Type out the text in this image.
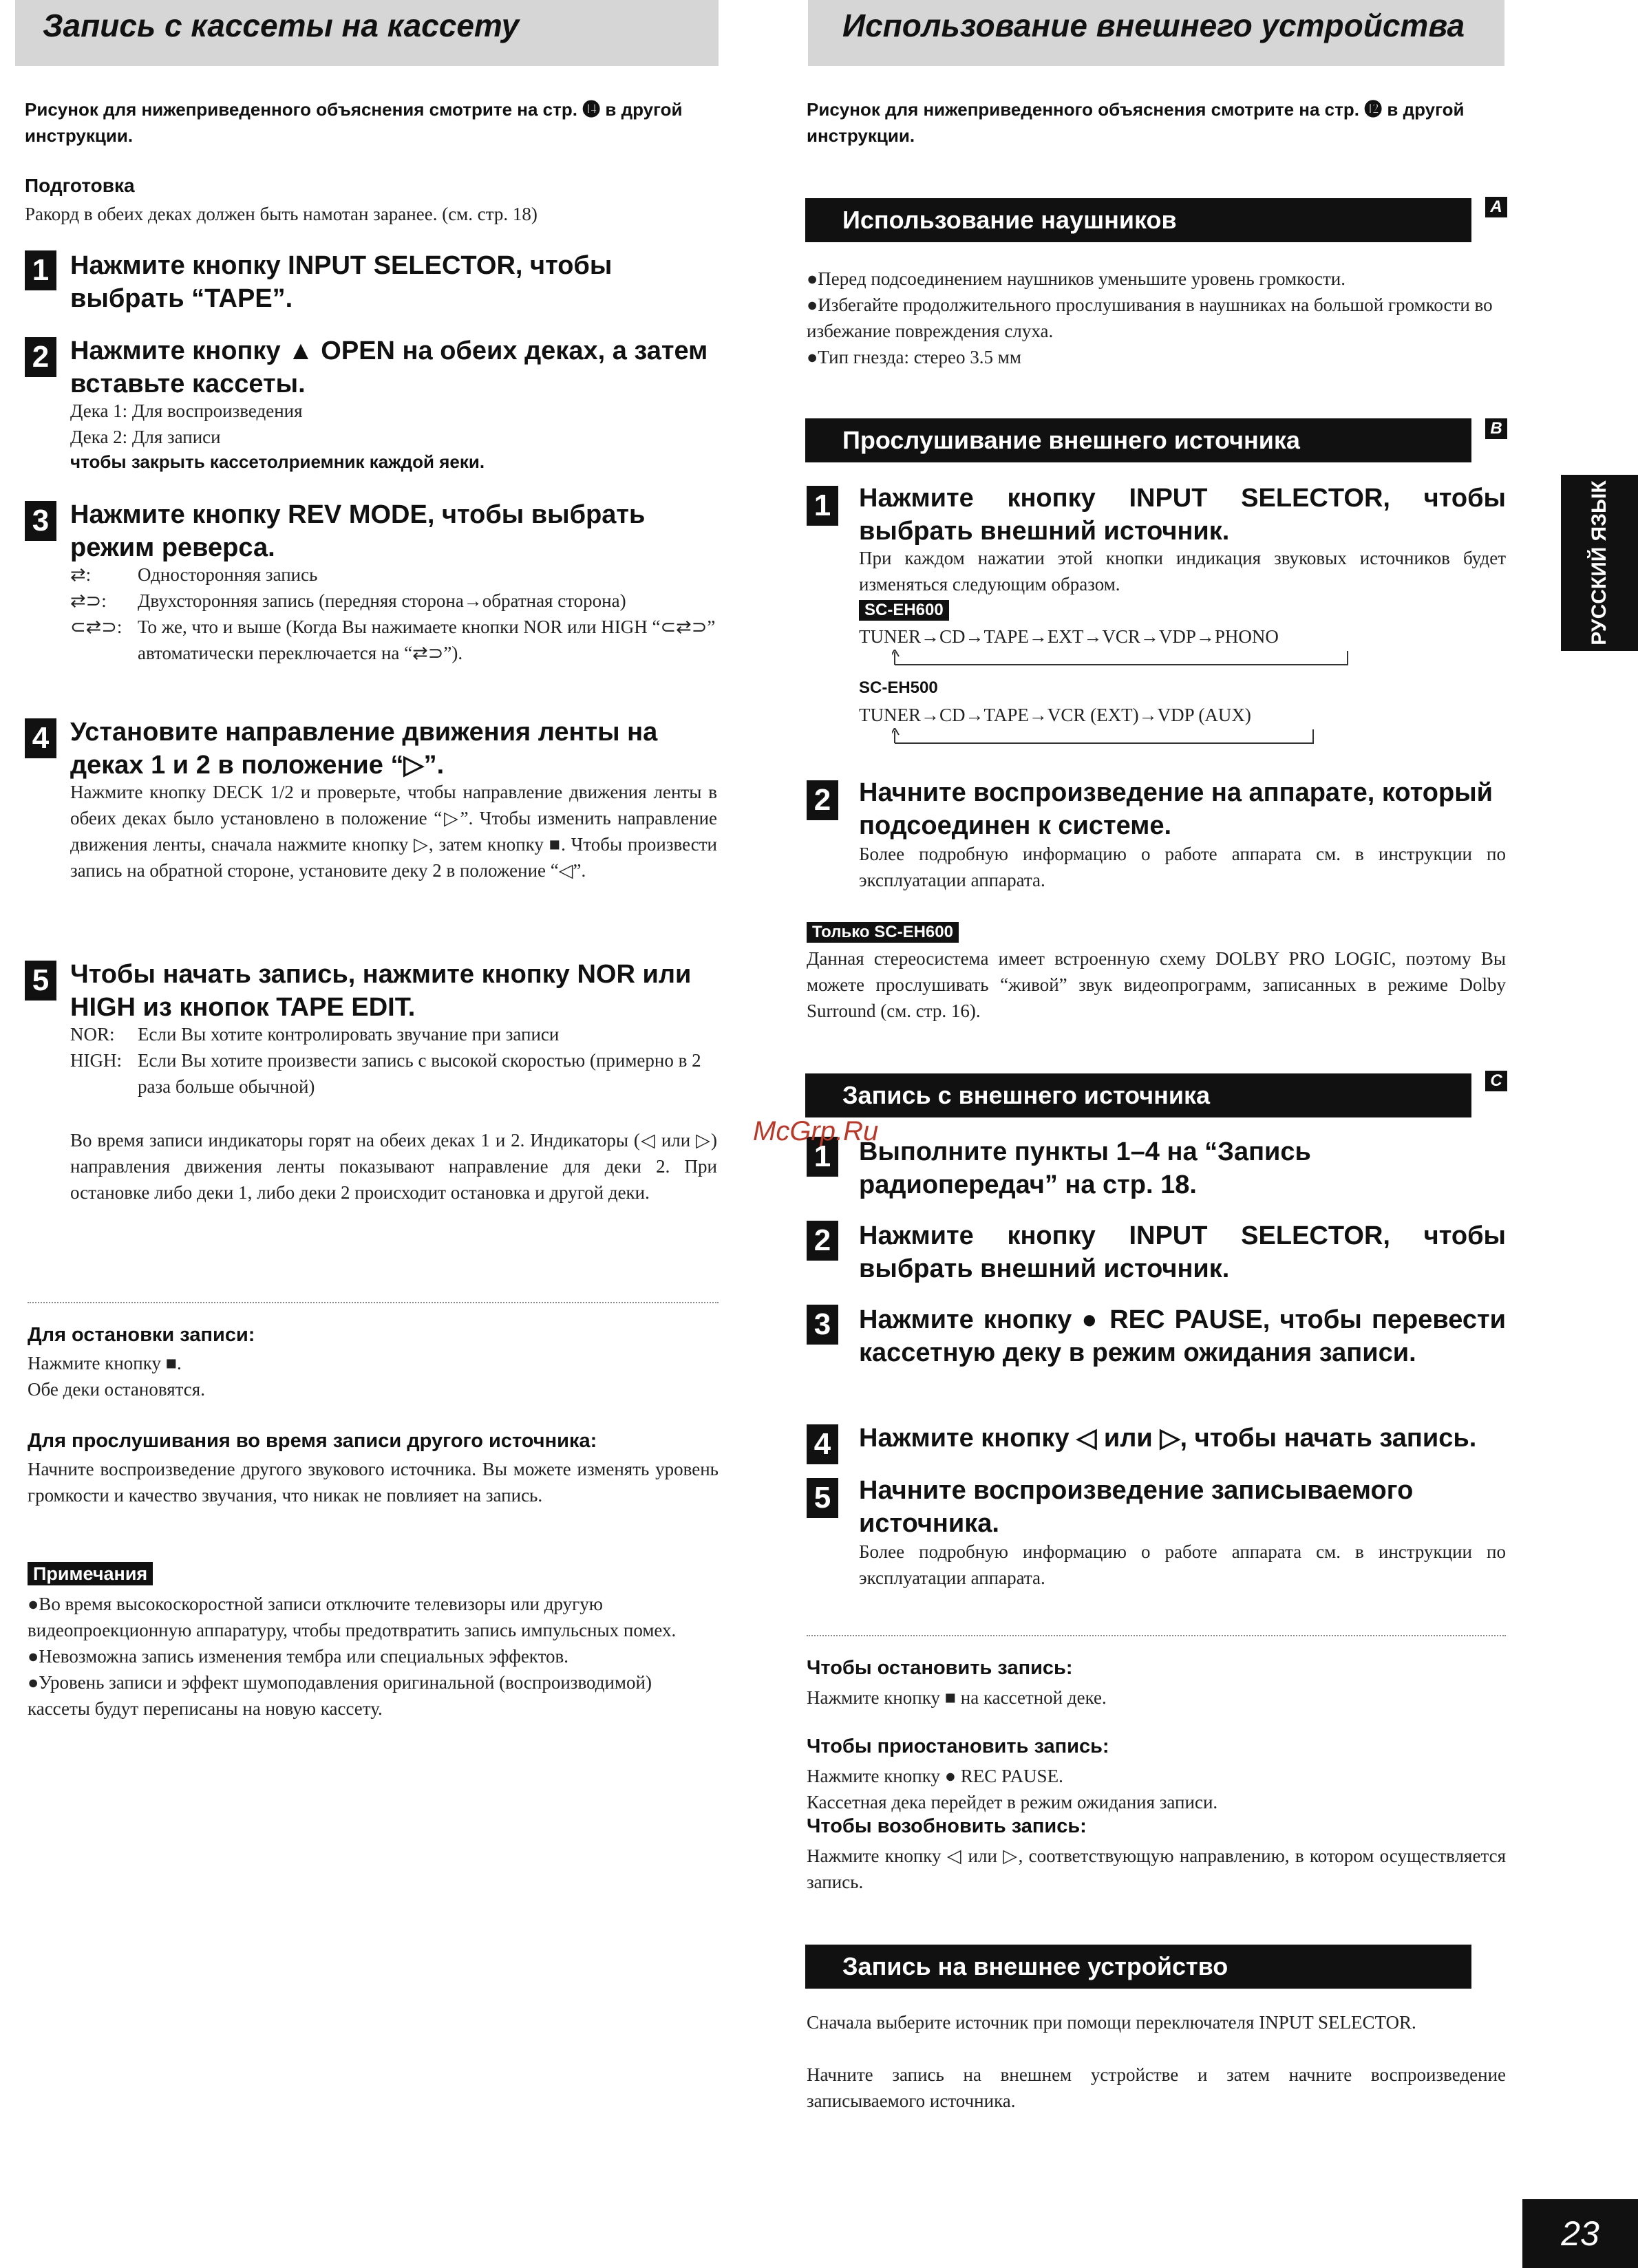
Запись с кассеты на кассету
Рисунок для нижеприведенного объяснения смотрите на стр. ⓮ в другой инструкции.
Подготовка
Ракорд в обеих деках должен быть намотан заранее. (см. стр. 18)
1 Нажмите кнопку INPUT SELECTOR, чтобы выбрать “TAPE”.
2 Нажмите кнопку ▲ OPEN на обеих деках, а затем вставьте кассеты.
Дека 1: Для воспроизведения
Дека 2: Для записи
чтобы закрыть кассетолриемник каждой яеки.
3 Нажмите кнопку REV MODE, чтобы выбрать режим реверса.
⇄:	Односторонняя запись
⇄⊃:	Двухсторонняя запись (передняя сторона→обратная сторона)
⊂⇄⊃: То же, что и выше (Когда Вы нажимаете кнопки NOR или HIGH “⊂⇄⊃” автоматически переключается на “⇄⊃”).
4 Установите направление движения ленты на деках 1 и 2 в положение “▷”.
Нажмите кнопку DECK 1/2 и проверьте, чтобы направление движения ленты в обеих деках было установлено в положение “▷”. Чтобы изменить направление движения ленты, сначала нажмите кнопку ▷, затем кнопку ■. Чтобы произвести запись на обратной стороне, установите деку 2 в положение “◁”.
5 Чтобы начать запись, нажмите кнопку NOR или HIGH из кнопок TAPE EDIT.
NOR:	Если Вы хотите контролировать звучание при записи
HIGH: Если Вы хотите произвести запись с высокой скоростью (примерно в 2 раза больше обычной)
Во время записи индикаторы горят на обеих деках 1 и 2. Индикаторы (◁ или ▷) направления движения ленты показывают направление для деки 2. При остановке либо деки 1, либо деки 2 происходит остановка и другой деки.
Для остановки записи:
Нажмите кнопку ■.
Обе деки остановятся.
Для прослушивания во время записи другого источника:
Начните воспроизведение другого звукового источника. Вы можете изменять уровень громкости и качество звучания, что никак не повлияет на запись.
Примечания
●Во время высокоскоростной записи отключите телевизоры или другую видеопроекционную аппаратуру, чтобы предотвратить запись импульсных помех.
●Невозможна запись изменения тембра или специальных эффектов.
●Уровень записи и эффект шумоподавления оригинальной (воспроизводимой) кассеты будут переписаны на новую кассету.
Использование внешнего устройства
Рисунок для нижеприведенного объяснения смотрите на стр. ⓬ в другой инструкции.
Использование наушников	A
●Перед подсоединением наушников уменьшите уровень громкости.
●Избегайте продолжительного прослушивания в наушниках на большой громкости во избежание повреждения слуха.
●Тип гнезда: стерео 3.5 мм
Прослушивание внешнего источника	B
1 Нажмите кнопку INPUT SELECTOR, чтобы выбрать внешний источник.
При каждом нажатии этой кнопки индикация звуковых источников будет изменяться следующим образом.
SC-EH600
TUNER→CD→TAPE→EXT→VCR→VDP→PHONO
SC-EH500
TUNER→CD→TAPE→VCR (EXT)→VDP (AUX)
2 Начните воспроизведение на аппарате, который подсоединен к системе.
Более подробную информацию о работе аппарата см. в инструкции по эксплуатации аппарата.
Только SC-EH600
Данная стереосистема имеет встроенную схему DOLBY PRO LOGIC, поэтому Вы можете прослушивать “живой” звук видеопрограмм, записанных в режиме Dolby Surround (см. стр. 16).
Запись с внешнего источника
C
1 Выполните пункты 1–4 на “Запись радиопередач” на стр. 18.
2 Нажмите кнопку INPUT SELECTOR, чтобы выбрать внешний источник.
3 Нажмите кнопку ● REC PAUSE, чтобы перевести кассетную деку в режим ожидания записи.
4 Нажмите кнопку ◁ или ▷, чтобы начать запись.
5 Начните воспроизведение записываемого источника.
Более подробную информацию о работе аппарата см. в инструкции по эксплуатации аппарата.
Чтобы остановить запись:
Нажмите кнопку ■ на кассетной деке.
Чтобы приостановить запись:
Нажмите кнопку ● REC PAUSE.
Кассетная дека перейдет в режим ожидания записи.
Чтобы возобновить запись:
Нажмите кнопку ◁ или ▷, соответствующую направлению, в котором осуществляется запись.
Запись на внешнее устройство
Сначала выберите источник при помощи переключателя INPUT SELECTOR.
Начните запись на внешнем устройстве и затем начните воспроизведение записываемого источника.
РУССКИЙ ЯЗЫК
McGrp.Ru
23
